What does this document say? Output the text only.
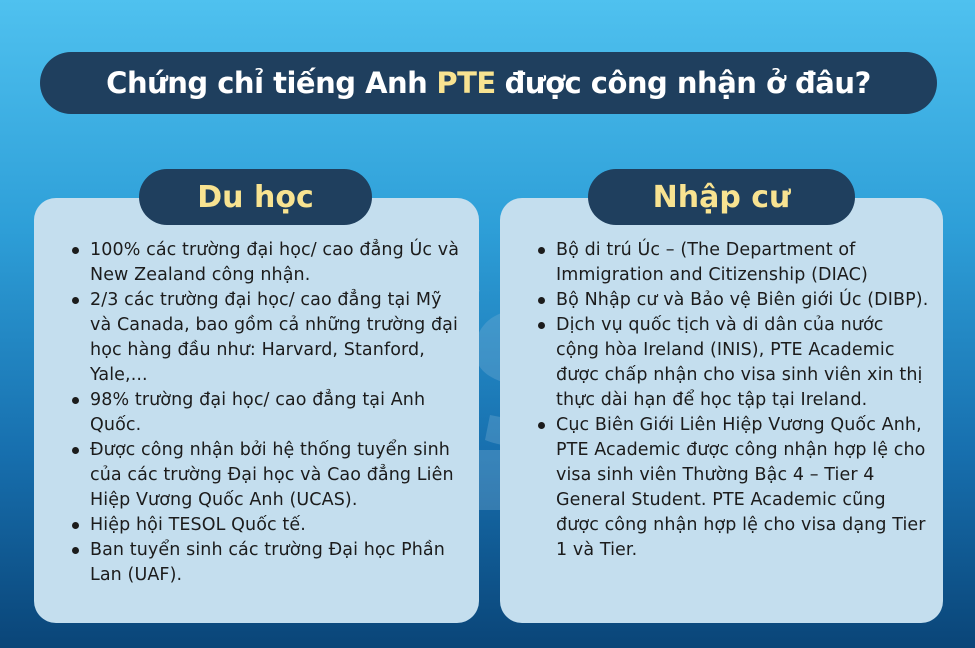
Chứng chỉ tiếng Anh PTE được công nhận ở đâu?
Du học	Nhập cư
100% các trường đại học/ cao đẳng Úc và New Zealand công nhận.
2/3 các trường đại học/ cao đẳng tại Mỹ và Canada, bao gồm cả những trường đại học hàng đầu như: Harvard, Stanford, Yale,...
98% trường đại học/ cao đẳng tại Anh Quốc.
Được công nhận bởi hệ thống tuyển sinh của các trường Đại học và Cao đẳng Liên Hiệp Vương Quốc Anh (UCAS).
Hiệp hội TESOL Quốc tế.
Ban tuyển sinh các trường Đại học Phần Lan (UAF).
Bộ di trú Úc – (The Department of Immigration and Citizenship (DIAC)
Bộ Nhập cư và Bảo vệ Biên giới Úc (DIBP).
Dịch vụ quốc tịch và di dân của nước cộng hòa Ireland (INIS), PTE Academic được chấp nhận cho visa sinh viên xin thị thực dài hạn để học tập tại Ireland.
Cục Biên Giới Liên Hiệp Vương Quốc Anh, PTE Academic được công nhận hợp lệ cho visa sinh viên Thường Bậc 4 – Tier 4 General Student. PTE Academic cũng được công nhận hợp lệ cho visa dạng Tier 1 và Tier.
